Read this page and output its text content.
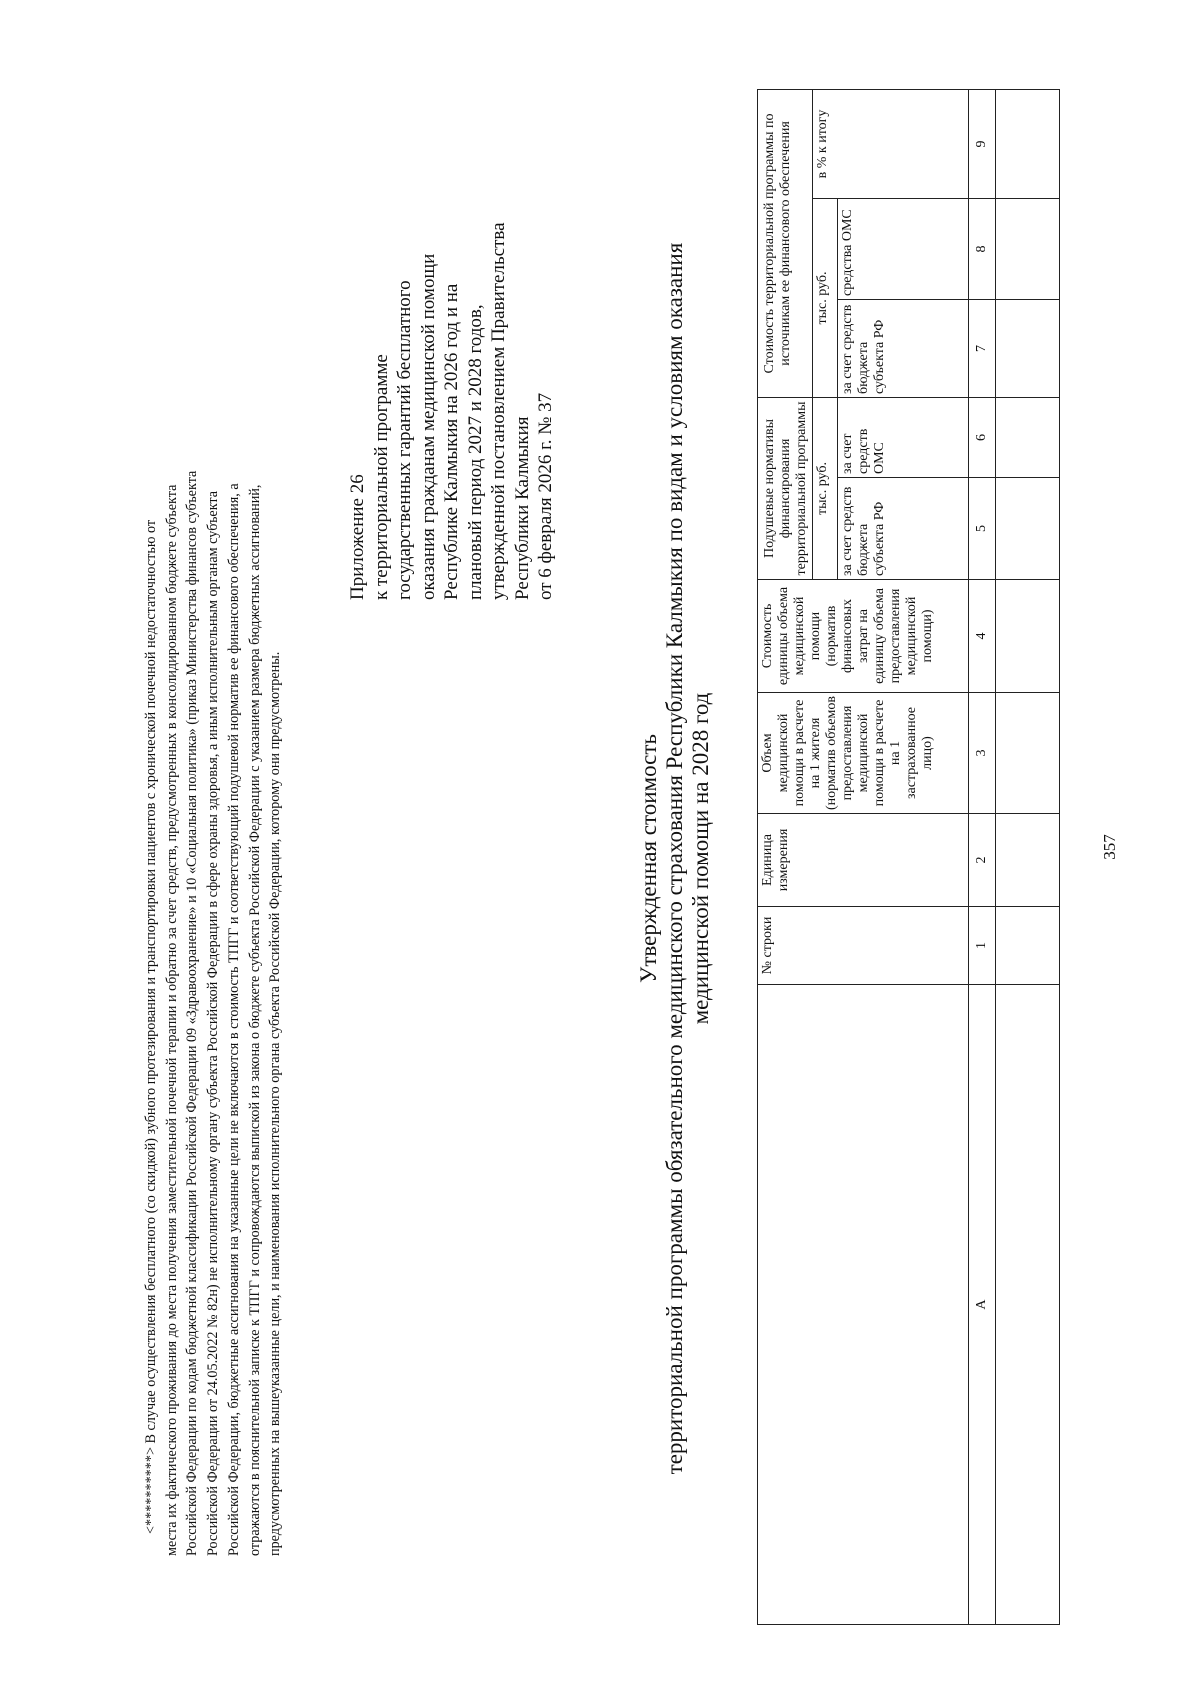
<**********> В случае осуществления бесплатного (со скидкой) зубного протезирования и транспортировки пациентов с хронической почечной недостаточностью от места их фактического проживания до места получения заместительной почечной терапии и обратно за счет средств, предусмотренных в консолидированном бюджете субъекта Российской Федерации по кодам бюджетной классификации Российской Федерации 09 «Здравоохранение» и 10 «Социальная политика» (приказ Министерства финансов субъекта Российской Федерации от 24.05.2022 № 82н) не исполнительному органу субъекта Российской Федерации в сфере охраны здоровья, а иным исполнительным органам субъекта Российской Федерации, бюджетные ассигнования на указанные цели не включаются в стоимость ТПГГ и соответствующий подушевой норматив ее финансового обеспечения, а отражаются в пояснительной записке к ТПГГ и сопровождаются выпиской из закона о бюджете субъекта Российской Федерации с указанием размера бюджетных ассигнований, предусмотренных на вышеуказанные цели, и наименования исполнительного органа субъекта Российской Федерации, которому они предусмотрены.
Приложение 26 к территориальной программе государственных гарантий бесплатного оказания гражданам медицинской помощи Республике Калмыкия на 2026 год и на плановый период 2027 и 2028 годов, утвержденной постановлением Правительства Республики Калмыкия от 6 февраля 2026 г. № 37
Утвержденная стоимость территориальной программы обязательного медицинского страхования Республики Калмыкия по видам и условиям оказания медицинской помощи на 2028 год
		№ строки	Единица измерения	Объем медицинской помощи в расчете на 1 жителя (норматив объемов предоставления медицинской помощи в расчете на 1 застрахованное лицо)	Стоимость единицы объема медицинской помощи (норматив финансовых затрат на единицу объема предоставления медицинской помощи)	Подушевые нормативы финансирования территориальной программы		Стоимость территориальной программы по источникам ее финансового обеспечения		
					тыс. руб.		тыс. руб.		в % к итогу
					за счет средств бюджета субъекта РФ	за счет средств ОМС	за счет средств бюджета субъекта РФ	средства ОМС	
А	1	2	3	4	5	6	7	8	9

357
